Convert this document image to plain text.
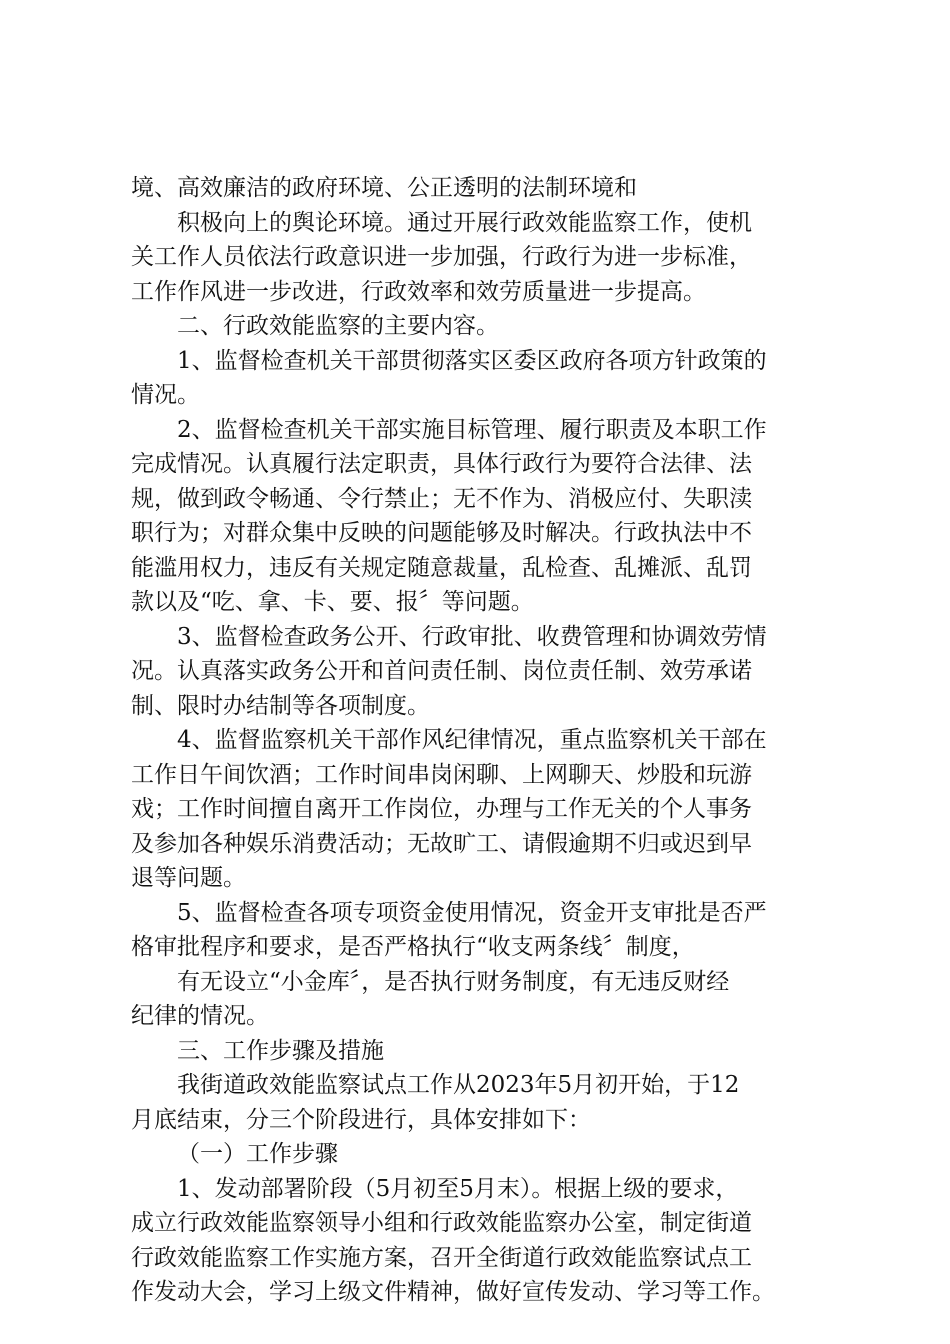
境、高效廉洁的政府环境、公正透明的法制环境和

积极向上的舆论环境。通过开展行政效能监察工作，使机

关工作人员依法行政意识进一步加强，行政行为进一步标准，

工作作风进一步改进，行政效率和效劳质量进一步提高。

二、行政效能监察的主要内容。

1、监督检查机关干部贯彻落实区委区政府各项方针政策的

情况。

2、监督检查机关干部实施目标管理、履行职责及本职工作

完成情况。认真履行法定职责，具体行政行为要符合法律、法

规，做到政令畅通、令行禁止；无不作为、消极应付、失职渎

职行为；对群众集中反映的问题能够及时解决。行政执法中不

能滥用权力，违反有关规定随意裁量，乱检查、乱摊派、乱罚

款以及“吃、拿、卡、要、报〞等问题。

3、监督检查政务公开、行政审批、收费管理和协调效劳情

况。认真落实政务公开和首问责任制、岗位责任制、效劳承诺

制、限时办结制等各项制度。

4、监督监察机关干部作风纪律情况，重点监察机关干部在

工作日午间饮酒；工作时间串岗闲聊、上网聊天、炒股和玩游

戏；工作时间擅自离开工作岗位，办理与工作无关的个人事务

及参加各种娱乐消费活动；无故旷工、请假逾期不归或迟到早

退等问题。

5、监督检查各项专项资金使用情况，资金开支审批是否严

格审批程序和要求，是否严格执行“收支两条线〞制度，

有无设立“小金库〞，是否执行财务制度，有无违反财经

纪律的情况。

三、工作步骤及措施

我街道政效能监察试点工作从2023年5月初开始，于12

月底结束，分三个阶段进行，具体安排如下：

（一）工作步骤

1、发动部署阶段（5月初至5月末）。根据上级的要求，

成立行政效能监察领导小组和行政效能监察办公室，制定街道

行政效能监察工作实施方案，召开全街道行政效能监察试点工

作发动大会，学习上级文件精神，做好宣传发动、学习等工作。
